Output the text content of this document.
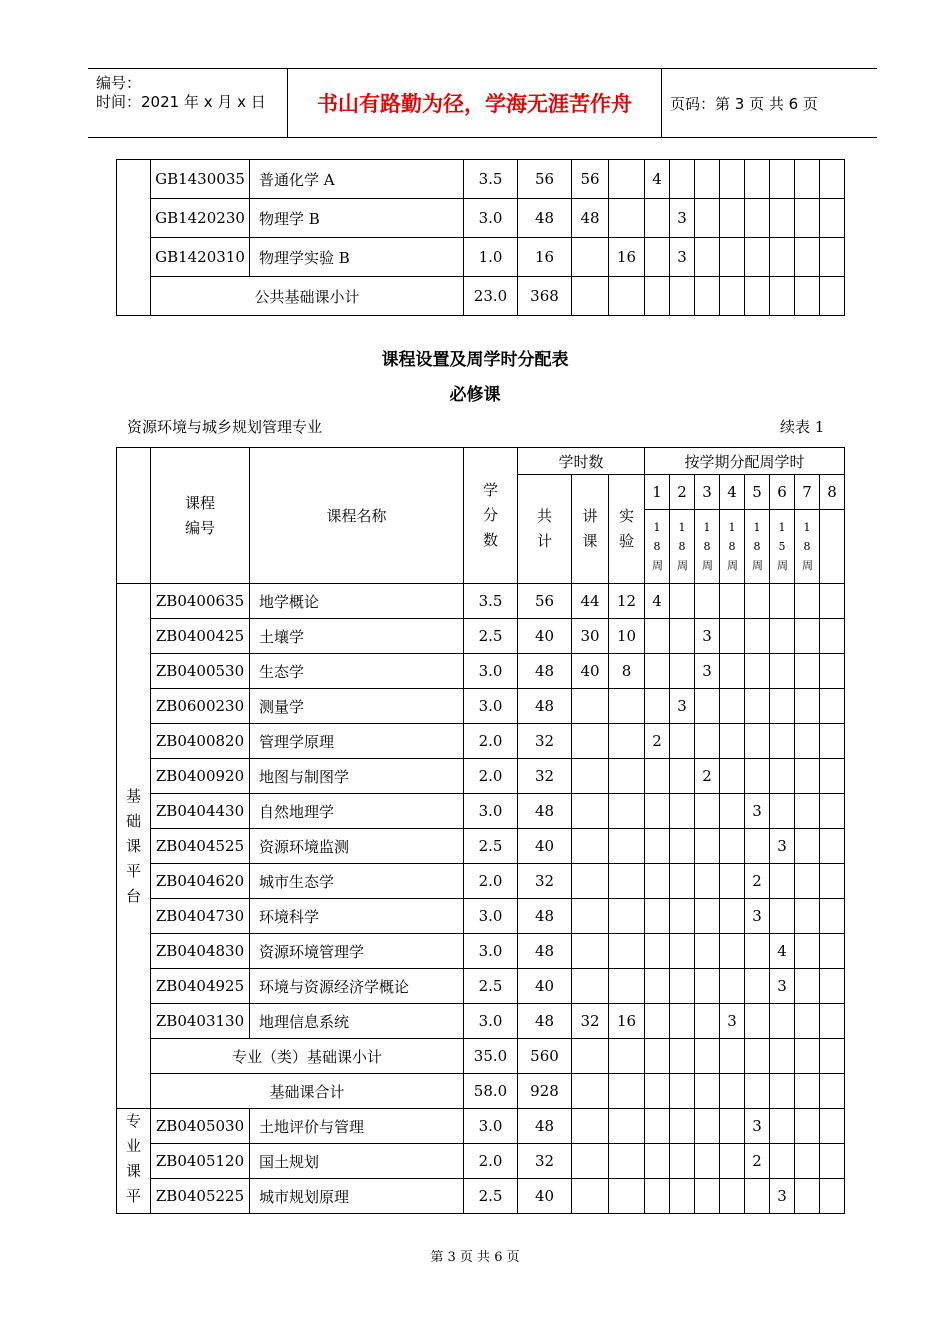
编号：
时间：2021 年 x 月 x 日	书山有路勤为径，学海无涯苦作舟	页码：第 3 页 共 6 页
	GB1430035	普通化学 A	3.5	56	56		4							
	GB1420230	物理学 B	3.0	48	48			3						
	GB1420310	物理学实验 B	1.0	16		16		3						
	公共基础课小计		23.0	368										
课程设置及周学时分配表
必修课
资源环境与城乡规划管理专业	续表 1
	课程编号	课程名称	学分数	学时数			按学期分配周学时							
				共计	讲课	实验	1	2	3	4	5	6	7	8
							18周	18周	18周	18周	18周	15周	18周	
基础课平台	ZB0400635	地学概论	3.5	56	44	12	4							
	ZB0400425	土壤学	2.5	40	30	10			3					
	ZB0400530	生态学	3.0	48	40	8			3					
	ZB0600230	测量学	3.0	48				3						
	ZB0400820	管理学原理	2.0	32			2							
	ZB0400920	地图与制图学	2.0	32					2					
	ZB0404430	自然地理学	3.0	48							3			
	ZB0404525	资源环境监测	2.5	40								3		
	ZB0404620	城市生态学	2.0	32							2			
	ZB0404730	环境科学	3.0	48							3			
	ZB0404830	资源环境管理学	3.0	48								4		
	ZB0404925	环境与资源经济学概论	2.5	40								3		
	ZB0403130	地理信息系统	3.0	48	32	16				3				
	专业（类）基础课小计		35.0	560										
	基础课合计		58.0	928										
专业课平	ZB0405030	土地评价与管理	3.0	48							3			
	ZB0405120	国土规划	2.0	32							2			
	ZB0405225	城市规划原理	2.5	40								3		
第 3 页 共 6 页
